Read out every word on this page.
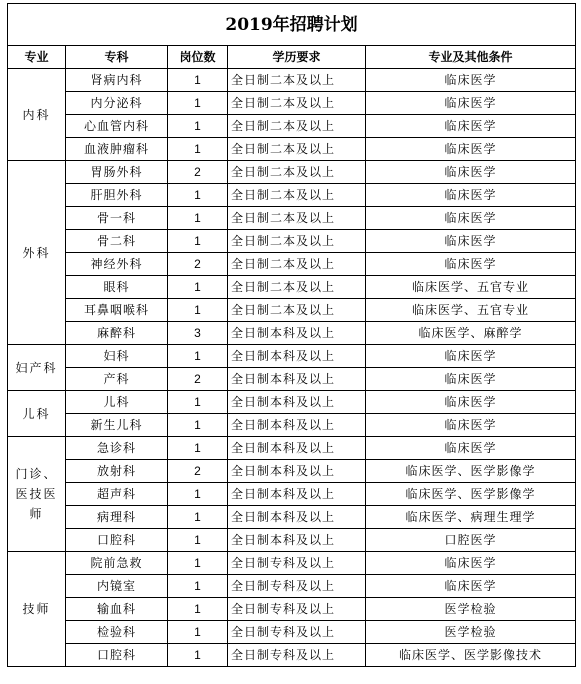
2019年招聘计划				
专业	专科	岗位数	学历要求	专业及其他条件
内科	肾病内科	1	全日制二本及以上	临床医学
	内分泌科	1	全日制二本及以上	临床医学
	心血管内科	1	全日制二本及以上	临床医学
	血液肿瘤科	1	全日制二本及以上	临床医学
外科	胃肠外科	2	全日制二本及以上	临床医学
	肝胆外科	1	全日制二本及以上	临床医学
	骨一科	1	全日制二本及以上	临床医学
	骨二科	1	全日制二本及以上	临床医学
	神经外科	2	全日制二本及以上	临床医学
	眼科	1	全日制二本及以上	临床医学、五官专业
	耳鼻咽喉科	1	全日制二本及以上	临床医学、五官专业
	麻醉科	3	全日制本科及以上	临床医学、麻醉学
妇产科	妇科	1	全日制本科及以上	临床医学
	产科	2	全日制本科及以上	临床医学
儿科	儿科	1	全日制本科及以上	临床医学
	新生儿科	1	全日制本科及以上	临床医学
门诊、医技医师	急诊科	1	全日制本科及以上	临床医学
	放射科	2	全日制本科及以上	临床医学、医学影像学
	超声科	1	全日制本科及以上	临床医学、医学影像学
	病理科	1	全日制本科及以上	临床医学、病理生理学
	口腔科	1	全日制本科及以上	口腔医学
技师	院前急救	1	全日制专科及以上	临床医学
	内镜室	1	全日制专科及以上	临床医学
	输血科	1	全日制专科及以上	医学检验
	检验科	1	全日制专科及以上	医学检验
	口腔科	1	全日制专科及以上	临床医学、医学影像技术
